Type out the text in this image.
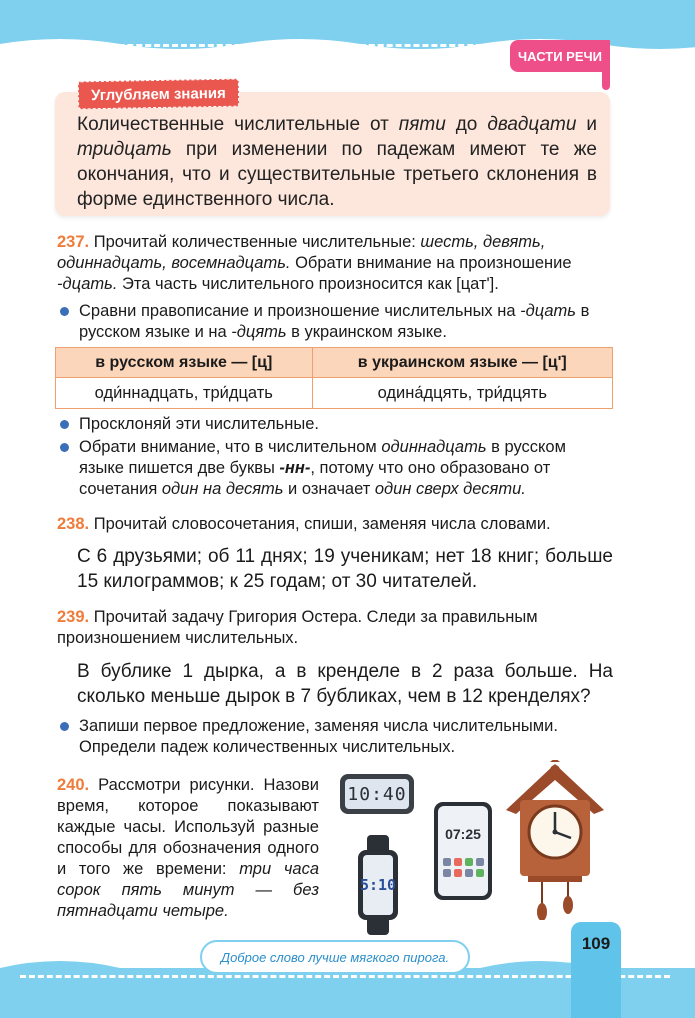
ЧАСТИ РЕЧИ
Углубляем знания
Количественные числительные от пяти до двадцати и тридцать при изменении по падежам имеют те же окончания, что и существительные третьего склонения в форме единственного числа.
237. Прочитай количественные числительные: шесть, девять, одиннадцать, восемнадцать. Обрати внимание на произношение -дцать. Эта часть числительного произносится как [цат'].
Сравни правописание и произношение числительных на -дцать в русском языке и на -дцять в украинском языке.
в русском языке — [ц]	в украинском языке — [ц']
оди́ннадцать, три́дцать	одина́дцять, три́дцять
Просклоняй эти числительные.
Обрати внимание, что в числительном одиннадцать в русском языке пишется две буквы -нн-, потому что оно образовано от сочетания один на десять и означает один сверх десяти.
238. Прочитай словосочетания, спиши, заменяя числа словами.
С 6 друзьями; об 11 днях; 19 ученикам; нет 18 книг; больше 15 килограммов; к 25 годам; от 30 читателей.
239. Прочитай задачу Григория Остера. Следи за правильным произношением числительных.
В бублике 1 дырка, а в кренделе в 2 раза больше. На сколько меньше дырок в 7 бубликах, чем в 12 кренделях?
Запиши первое предложение, заменяя числа числительными. Определи падеж количественных числительных.
240. Рассмотри рисунки. Назови время, которое показывают каждые часы. Используй разные способы для обозначения одного и того же времени: три часа сорок пять минут — без пятнадцати четыре.
10:40
5:10
07:25
109
Доброе слово лучше мягкого пирога.
